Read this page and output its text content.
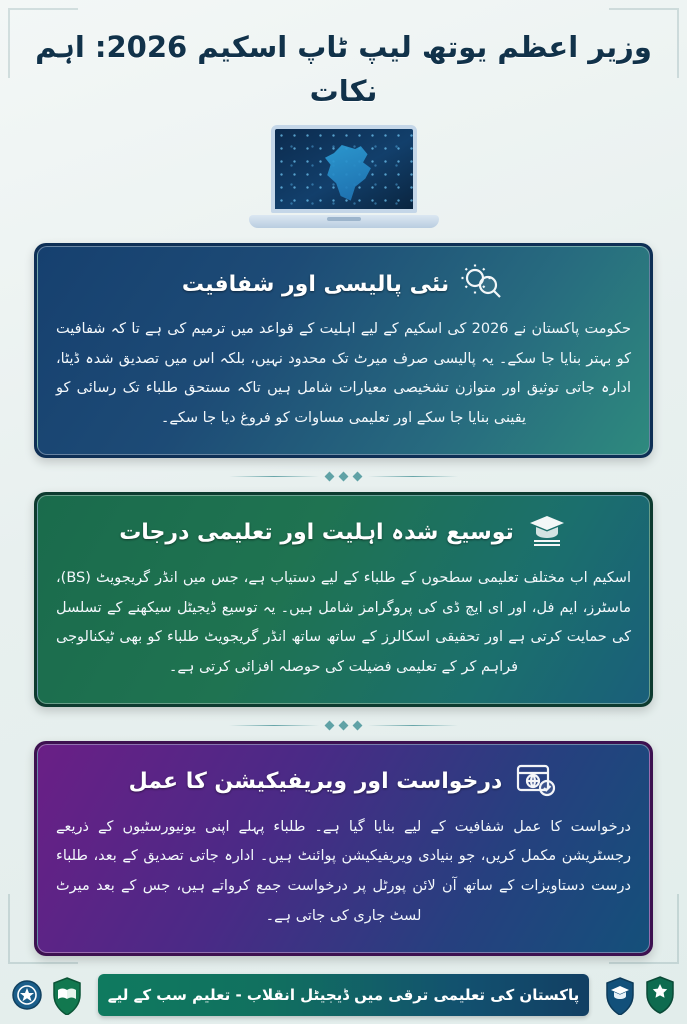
وزیر اعظم یوتھ لیپ ٹاپ اسکیم 2026: اہم نکات
نئی پالیسی اور شفافیت
حکومت پاکستان نے 2026 کی اسکیم کے لیے اہلیت کے قواعد میں ترمیم کی ہے تا کہ شفافیت کو بہتر بنایا جا سکے۔ یہ پالیسی صرف میرٹ تک محدود نہیں، بلکہ اس میں تصدیق شدہ ڈیٹا، ادارہ جاتی توثیق اور متوازن تشخیصی معیارات شامل ہیں تاکہ مستحق طلباء تک رسائی کو یقینی بنایا جا سکے اور تعلیمی مساوات کو فروغ دیا جا سکے۔
توسیع شدہ اہلیت اور تعلیمی درجات
اسکیم اب مختلف تعلیمی سطحوں کے طلباء کے لیے دستیاب ہے، جس میں انڈر گریجویٹ (BS)، ماسٹرز، ایم فل، اور ای ایچ ڈی کی پروگرامز شامل ہیں۔ یہ توسیع ڈیجیٹل سیکھنے کے تسلسل کی حمایت کرتی ہے اور تحقیقی اسکالرز کے ساتھ ساتھ انڈر گریجویٹ طلباء کو بھی ٹیکنالوجی فراہم کر کے تعلیمی فضیلت کی حوصلہ افزائی کرتی ہے۔
درخواست اور ویریفیکیشن کا عمل
درخواست کا عمل شفافیت کے لیے بنایا گیا ہے۔ طلباء پہلے اپنی یونیورسٹیوں کے ذریعے رجسٹریشن مکمل کریں، جو بنیادی ویریفیکیشن پوائنٹ ہیں۔ ادارہ جاتی تصدیق کے بعد، طلباء درست دستاویزات کے ساتھ آن لائن پورٹل پر درخواست جمع کرواتے ہیں، جس کے بعد میرٹ لسٹ جاری کی جاتی ہے۔
پاکستان کی تعلیمی ترقی میں ڈیجیٹل انقلاب - تعلیم سب کے لیے
